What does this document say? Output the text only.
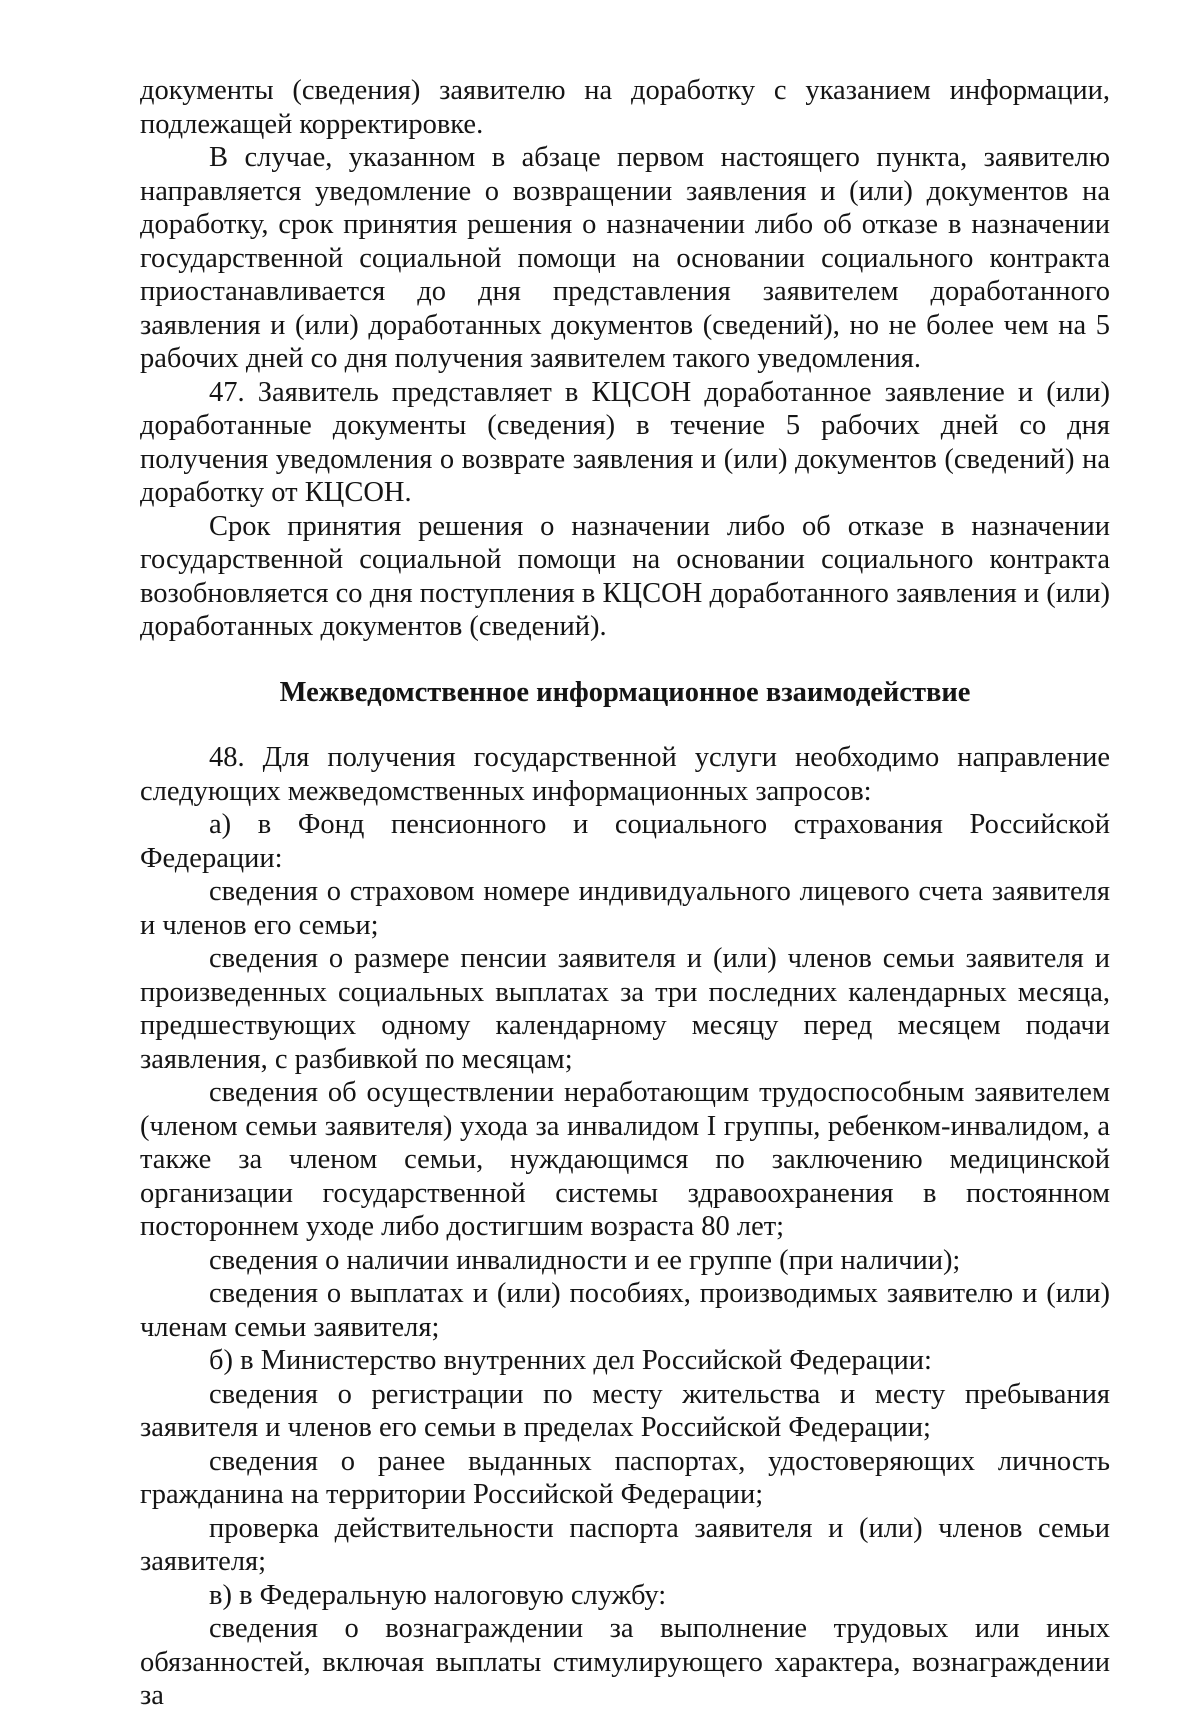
документы (сведения) заявителю на доработку с указанием информации, подлежащей корректировке.

В случае, указанном в абзаце первом настоящего пункта, заявителю направляется уведомление о возвращении заявления и (или) документов на доработку, срок принятия решения о назначении либо об отказе в назначении государственной социальной помощи на основании социального контракта приостанавливается до дня представления заявителем доработанного заявления и (или) доработанных документов (сведений), но не более чем на 5 рабочих дней со дня получения заявителем такого уведомления.

47. Заявитель представляет в КЦСОН доработанное заявление и (или) доработанные документы (сведения) в течение 5 рабочих дней со дня получения уведомления о возврате заявления и (или) документов (сведений) на доработку от КЦСОН.

Срок принятия решения о назначении либо об отказе в назначении государственной социальной помощи на основании социального контракта возобновляется со дня поступления в КЦСОН доработанного заявления и (или) доработанных документов (сведений).

Межведомственное информационное взаимодействие

48. Для получения государственной услуги необходимо направление следующих межведомственных информационных запросов:

а) в Фонд пенсионного и социального страхования Российской Федерации:

сведения о страховом номере индивидуального лицевого счета заявителя и членов его семьи;

сведения о размере пенсии заявителя и (или) членов семьи заявителя и произведенных социальных выплатах за три последних календарных месяца, предшествующих одному календарному месяцу перед месяцем подачи заявления, с разбивкой по месяцам;

сведения об осуществлении неработающим трудоспособным заявителем (членом семьи заявителя) ухода за инвалидом I группы, ребенком-инвалидом, а также за членом семьи, нуждающимся по заключению медицинской организации государственной системы здравоохранения в постоянном постороннем уходе либо достигшим возраста 80 лет;

сведения о наличии инвалидности и ее группе (при наличии);

сведения о выплатах и (или) пособиях, производимых заявителю и (или) членам семьи заявителя;

б) в Министерство внутренних дел Российской Федерации:

сведения о регистрации по месту жительства и месту пребывания заявителя и членов его семьи в пределах Российской Федерации;

сведения о ранее выданных паспортах, удостоверяющих личность гражданина на территории Российской Федерации;

проверка действительности паспорта заявителя и (или) членов семьи заявителя;

в) в Федеральную налоговую службу:

сведения о вознаграждении за выполнение трудовых или иных обязанностей, включая выплаты стимулирующего характера, вознаграждении за
